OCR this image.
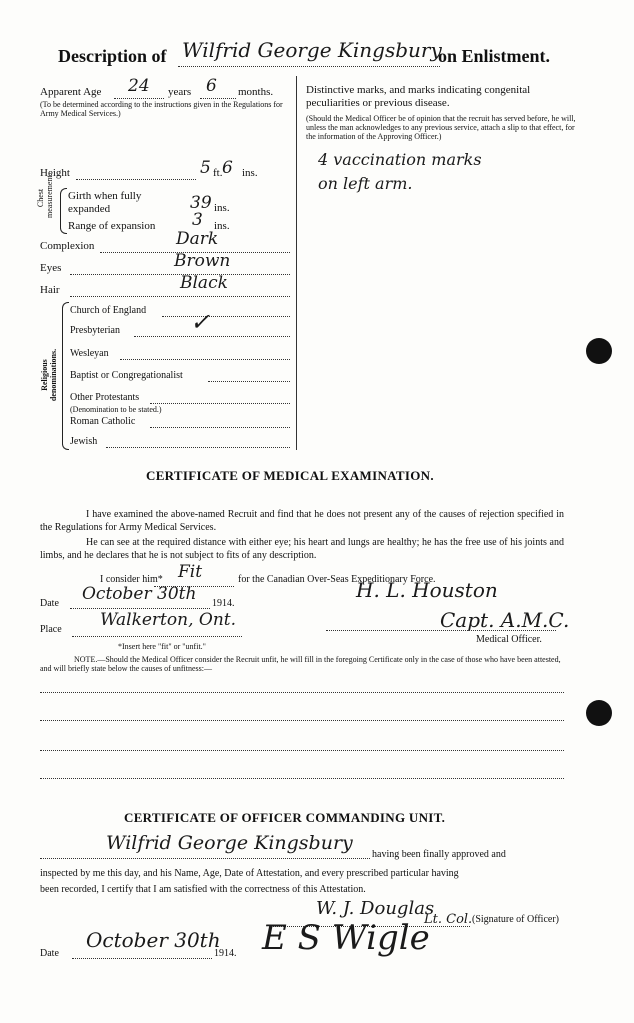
Description of Wilfrid George Kingsbury
on Enlistment.
Apparent Age 24 years 6 months.
(To be determined according to the instructions given in the Regulations for Army Medical Services.)
Height	5 ft. 6 ins.
Chest measurement. Girth when fully expanded	39 ins.
Range of expansion 3 ins.
Complexion	Dark
Eyes	Brown
Hair	Black
Religious denominations.
Church of England
Presbyterian	✓
Wesleyan
Baptist or Congregationalist
Other Protestants
(Denomination to be stated.)
Roman Catholic
Jewish
Distinctive marks, and marks indicating congenital peculiarities or previous disease.
(Should the Medical Officer be of opinion that the recruit has served before, he will, unless the man acknowledges to any previous service, attach a slip to that effect, for the information of the Approving Officer.)
4 vaccination marks
on left arm.
CERTIFICATE OF MEDICAL EXAMINATION.
I have examined the above-named Recruit and find that he does not present any of the causes of rejection specified in the Regulations for Army Medical Services.
He can see at the required distance with either eye; his heart and lungs are healthy; he has the free use of his joints and limbs, and he declares that he is not subject to fits of any description.
I consider him* Fit	for the Canadian Over-Seas Expeditionary Force.
Date October 30th 1914.
H. L. Houston
Place Walkerton, Ont.	Capt. A.M.C.
Medical Officer.
*Insert here "fit" or "unfit."
NOTE.—Should the Medical Officer consider the Recruit unfit, he will fill in the foregoing Certificate only in the case of those who have been attested, and will briefly state below the causes of unfitness:—
CERTIFICATE OF OFFICER COMMANDING UNIT.
Wilfrid George Kingsbury
having been finally approved and
inspected by me this day, and his Name, Age, Date of Attestation, and every prescribed particular having
been recorded, I certify that I am satisfied with the correctness of this Attestation.
W. J. Douglas
Lt. Col. (Signature of Officer)
Date
October 30th
1914. E S Wigle
